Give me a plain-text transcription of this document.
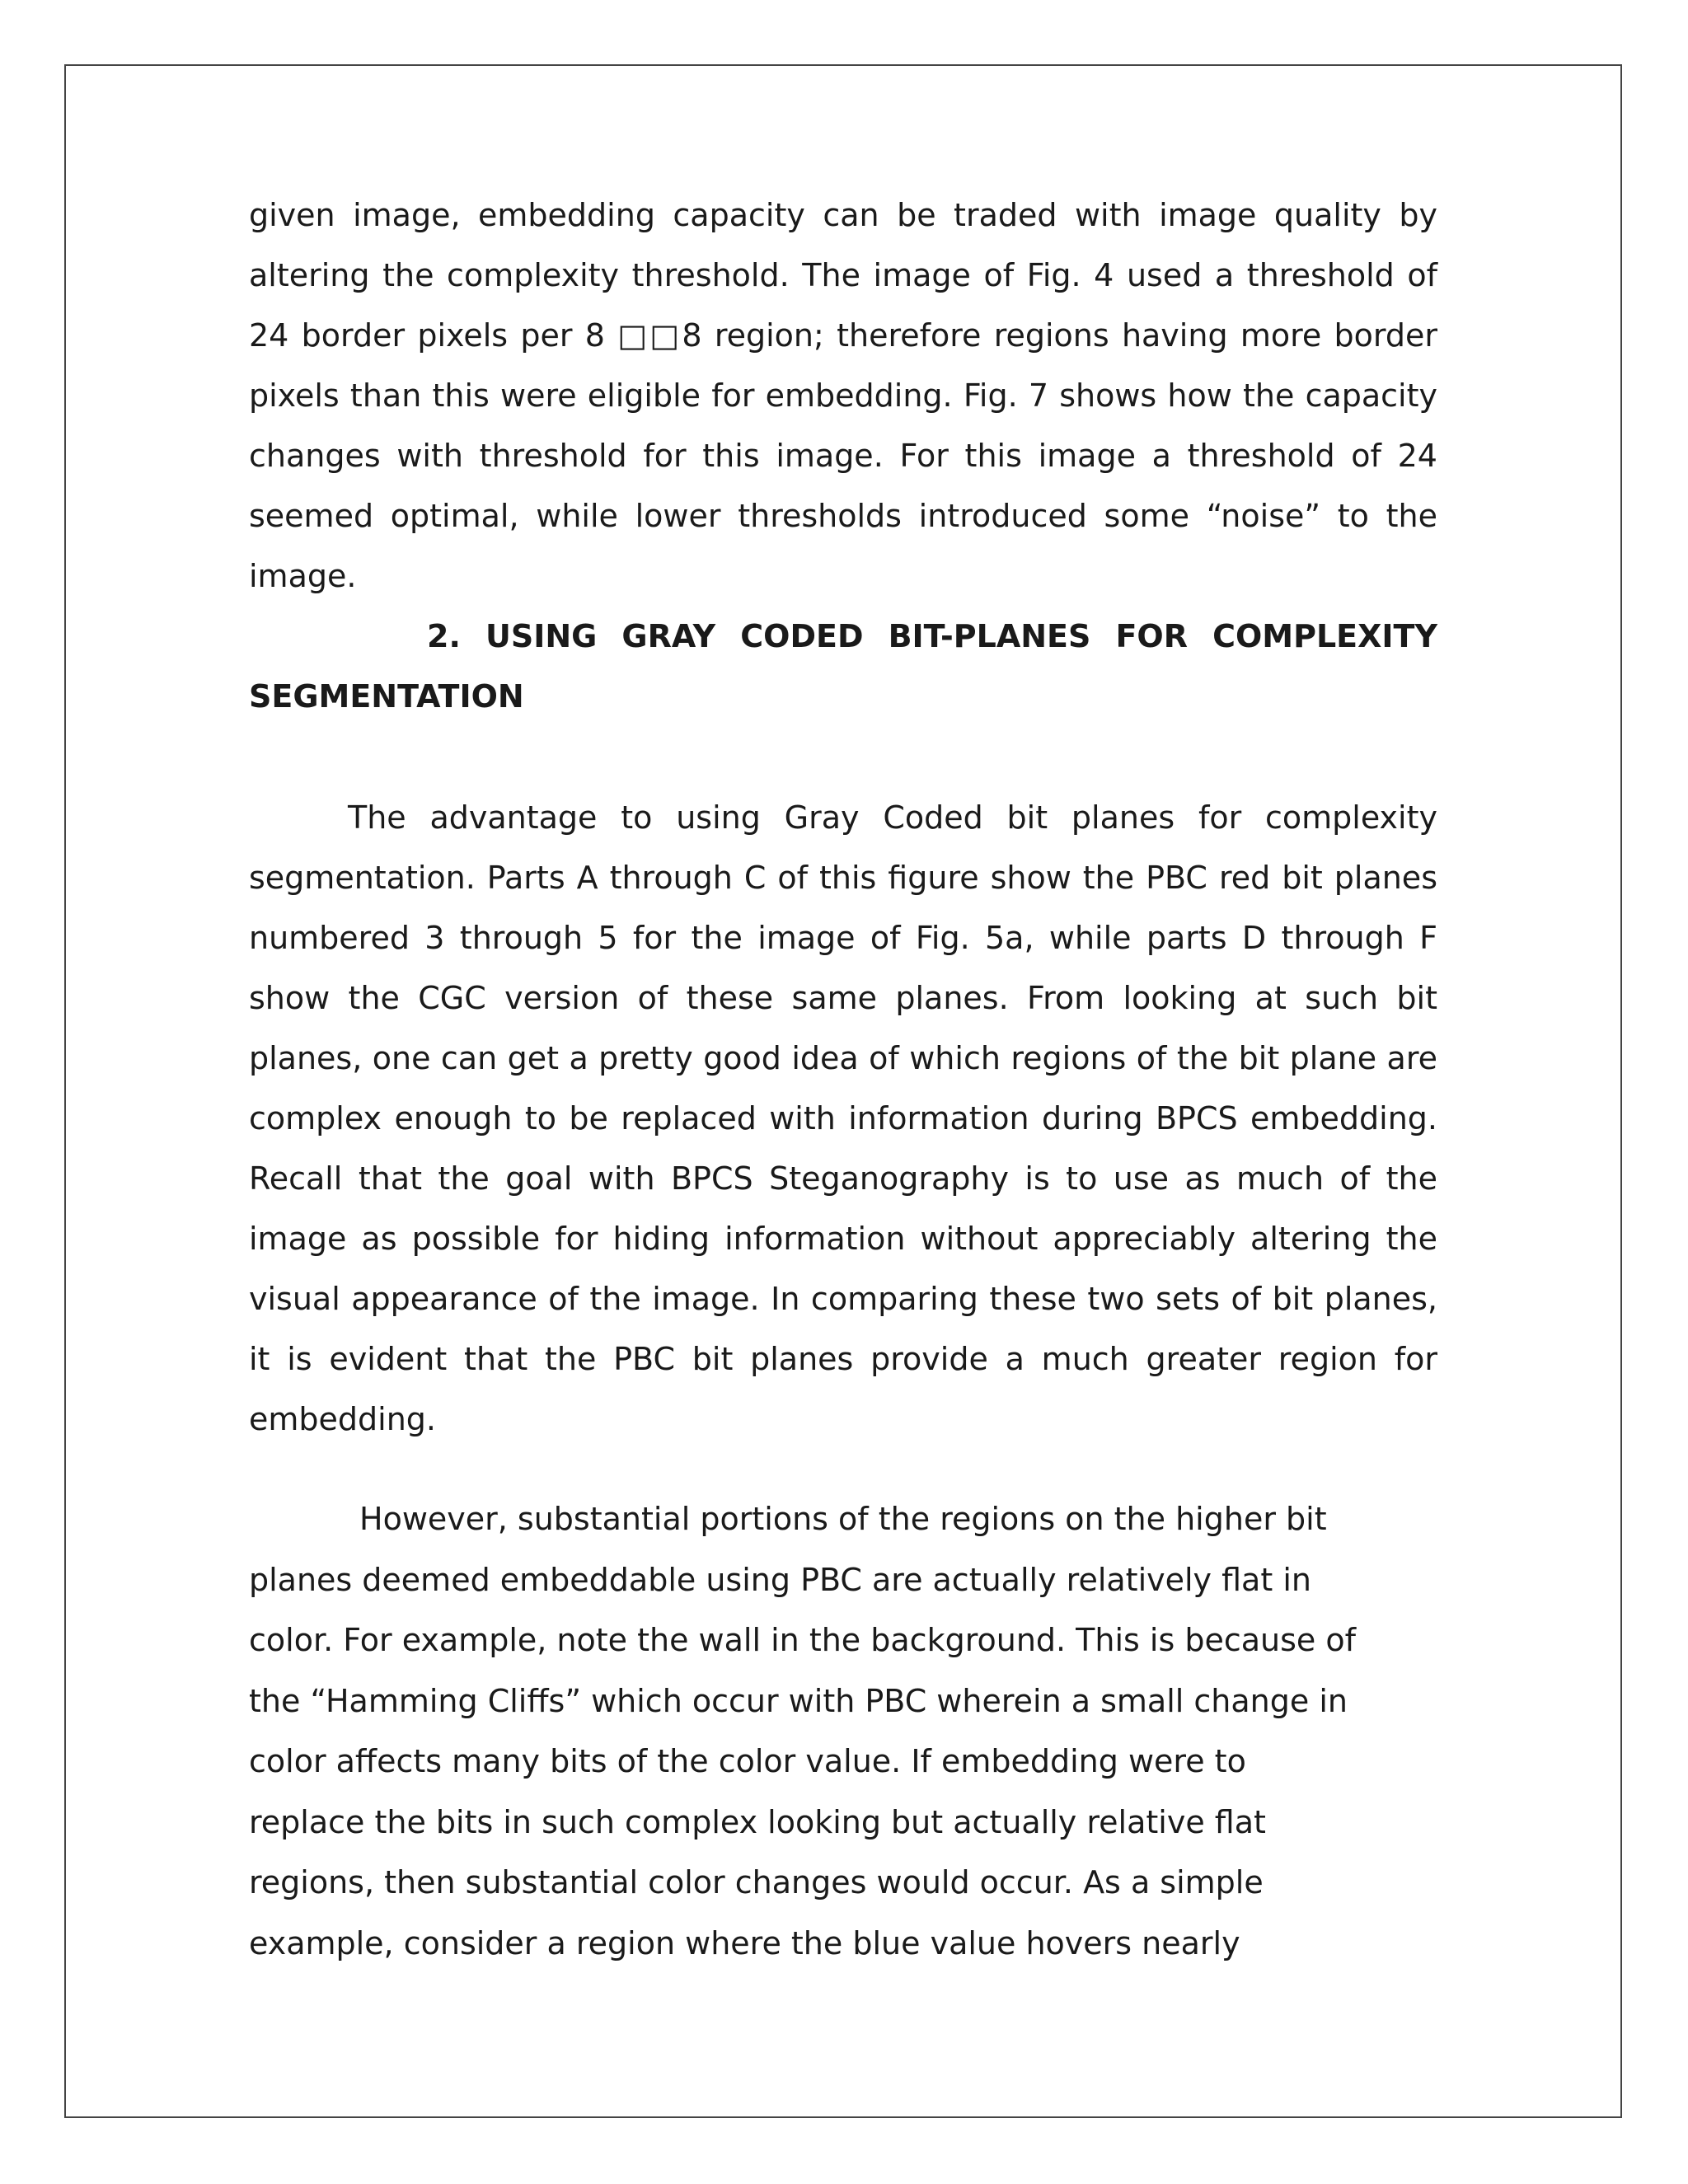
given image, embedding capacity can be traded with image quality by altering the complexity threshold. The image of Fig. 4 used a threshold of 24 border pixels per 8 □□8 region; therefore regions having more border pixels than this were eligible for embedding. Fig. 7 shows how the capacity changes with threshold for this image. For this image a threshold of 24 seemed optimal, while lower thresholds introduced some “noise” to the image.

2. USING GRAY CODED BIT-PLANES FOR COMPLEXITY SEGMENTATION

The advantage to using Gray Coded bit planes for complexity segmentation. Parts A through C of this figure show the PBC red bit planes numbered 3 through 5 for the image of Fig. 5a, while parts D through F show the CGC version of these same planes. From looking at such bit planes, one can get a pretty good idea of which regions of the bit plane are complex enough to be replaced with information during BPCS embedding. Recall that the goal with BPCS Steganography is to use as much of the image as possible for hiding information without appreciably altering the visual appearance of the image. In comparing these two sets of bit planes, it is evident that the PBC bit planes provide a much greater region for embedding.

However, substantial portions of the regions on the higher bit
planes deemed embeddable using PBC are actually relatively flat in
color. For example, note the wall in the background. This is because of
the “Hamming Cliffs” which occur with PBC wherein a small change in
color affects many bits of the color value. If embedding were to
replace the bits in such complex looking but actually relative flat
regions, then substantial color changes would occur. As a simple
example, consider a region where the blue value hovers nearly
